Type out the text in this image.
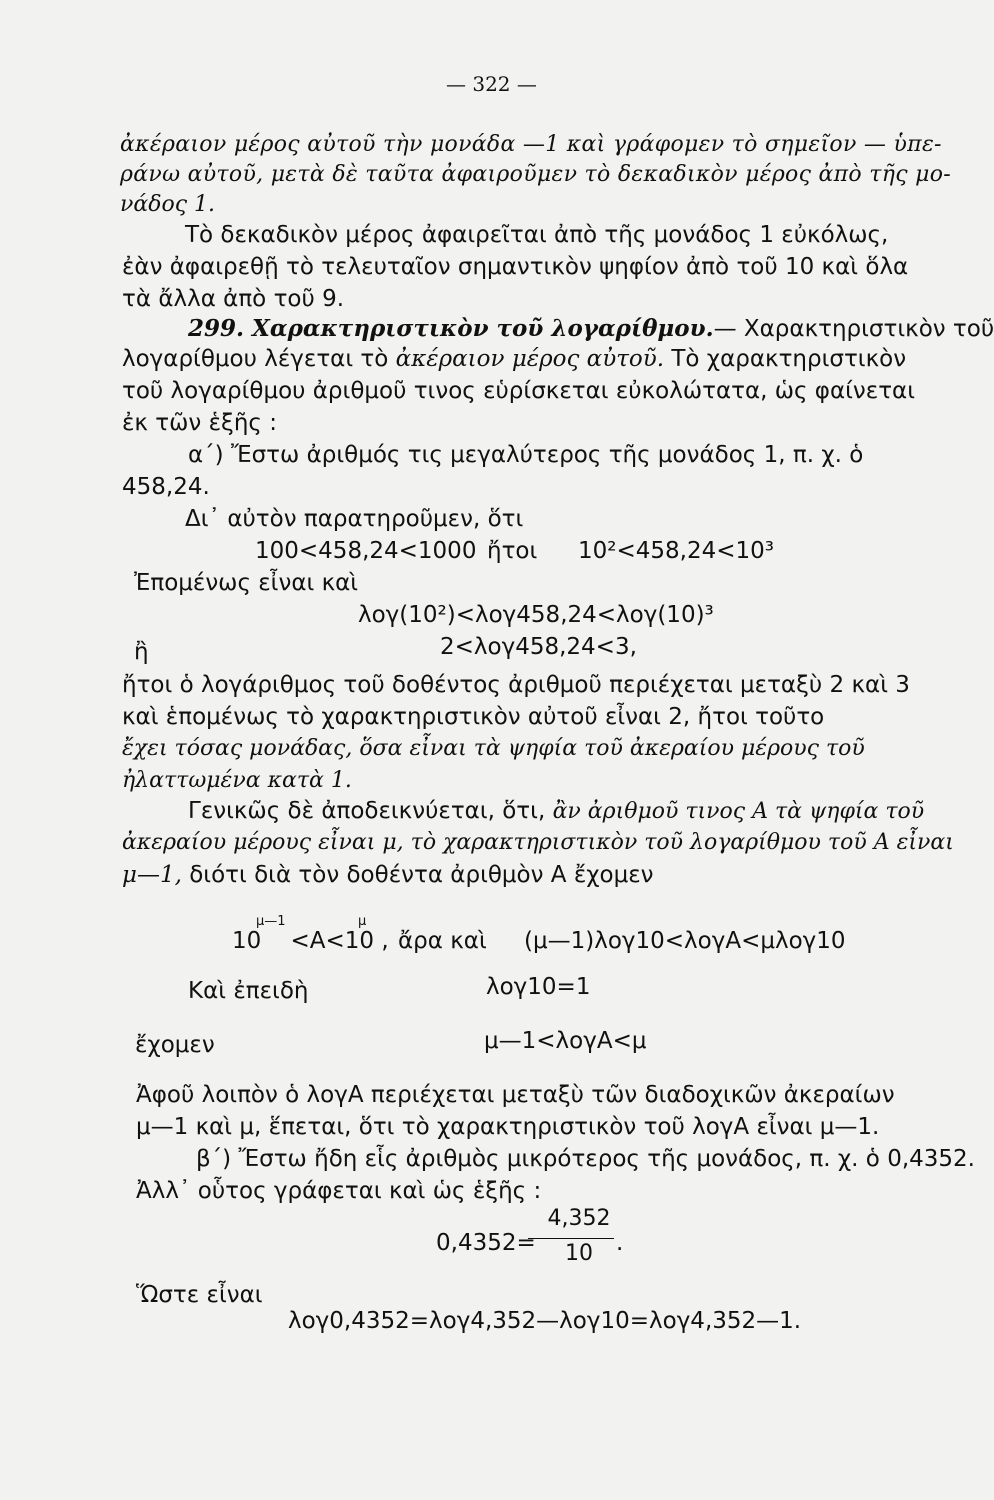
— 322 —
ἀκέραιον μέρος αὐτοῦ τὴν μονάδα —1 καὶ γράφομεν τὸ σημεῖον — ὑπε-
ράνω αὐτοῦ, μετὰ δὲ ταῦτα ἀφαιροῦμεν τὸ δεκαδικὸν μέρος ἀπὸ τῆς μο-
νάδος 1.
Τὸ δεκαδικὸν μέρος ἀφαιρεῖται ἀπὸ τῆς μονάδος 1 εὐκόλως,
ἐὰν ἀφαιρεθῇ τὸ τελευταῖον σημαντικὸν ψηφίον ἀπὸ τοῦ 10 καὶ ὅλα
τὰ ἄλλα ἀπὸ τοῦ 9.
299. Χαρακτηριστικὸν τοῦ λογαρίθμου.— Χαρακτηριστικὸν τοῦ
λογαρίθμου λέγεται τὸ ἀκέραιον μέρος αὐτοῦ. Τὸ χαρακτηριστικὸν
τοῦ λογαρίθμου ἀριθμοῦ τινος εὑρίσκεται εὐκολώτατα, ὡς φαίνεται
ἐκ τῶν ἑξῆς :
α΄) Ἔστω ἀριθμός τις μεγαλύτερος τῆς μονάδος 1, π. χ. ὁ
458,24.
Δι᾿ αὐτὸν παρατηροῦμεν, ὅτι
100<458,24<1000 ἤτοι 10²<458,24<10³
Ἐπομένως εἶναι καὶ
λογ(10²)<λογ458,24<λογ(10)³
ἢ	2<λογ458,24<3,
ἤτοι ὁ λογάριθμος τοῦ δοθέντος ἀριθμοῦ περιέχεται μεταξὺ 2 καὶ 3
καὶ ἑπομένως τὸ χαρακτηριστικὸν αὐτοῦ εἶναι 2, ἤτοι τοῦτο
ἔχει τόσας μονάδας, ὅσα εἶναι τὰ ψηφία τοῦ ἀκεραίου μέρους τοῦ
ἠλαττωμένα κατὰ 1.
Γενικῶς δὲ ἀποδεικνύεται, ὅτι, ἂν ἀριθμοῦ τινος Α τὰ ψηφία τοῦ
ἀκεραίου μέρους εἶναι μ, τὸ χαρακτηριστικὸν τοῦ λογαρίθμου τοῦ Α εἶναι
μ—1, διότι διὰ τὸν δοθέντα ἀριθμὸν Α ἔχομεν
μ—1	μ
10    <Α<10 , ἄρα καὶ (μ—1)λογ10<λογΑ<μλογ10
Καὶ ἐπειδὴ	λογ10=1
ἔχομεν	μ—1<λογΑ<μ
Ἀφοῦ λοιπὸν ὁ λογΑ περιέχεται μεταξὺ τῶν διαδοχικῶν ἀκεραίων
μ—1 καὶ μ, ἕπεται, ὅτι τὸ χαρακτηριστικὸν τοῦ λογΑ εἶναι μ—1.
β΄) Ἔστω ἤδη εἷς ἀριθμὸς μικρότερος τῆς μονάδος, π. χ. ὁ 0,4352.
Ἀλλ᾿ οὗτος γράφεται καὶ ὡς ἑξῆς :
0,4352=
4,352
10	.
Ὥστε εἶναι
λογ0,4352=λογ4,352—λογ10=λογ4,352—1.
